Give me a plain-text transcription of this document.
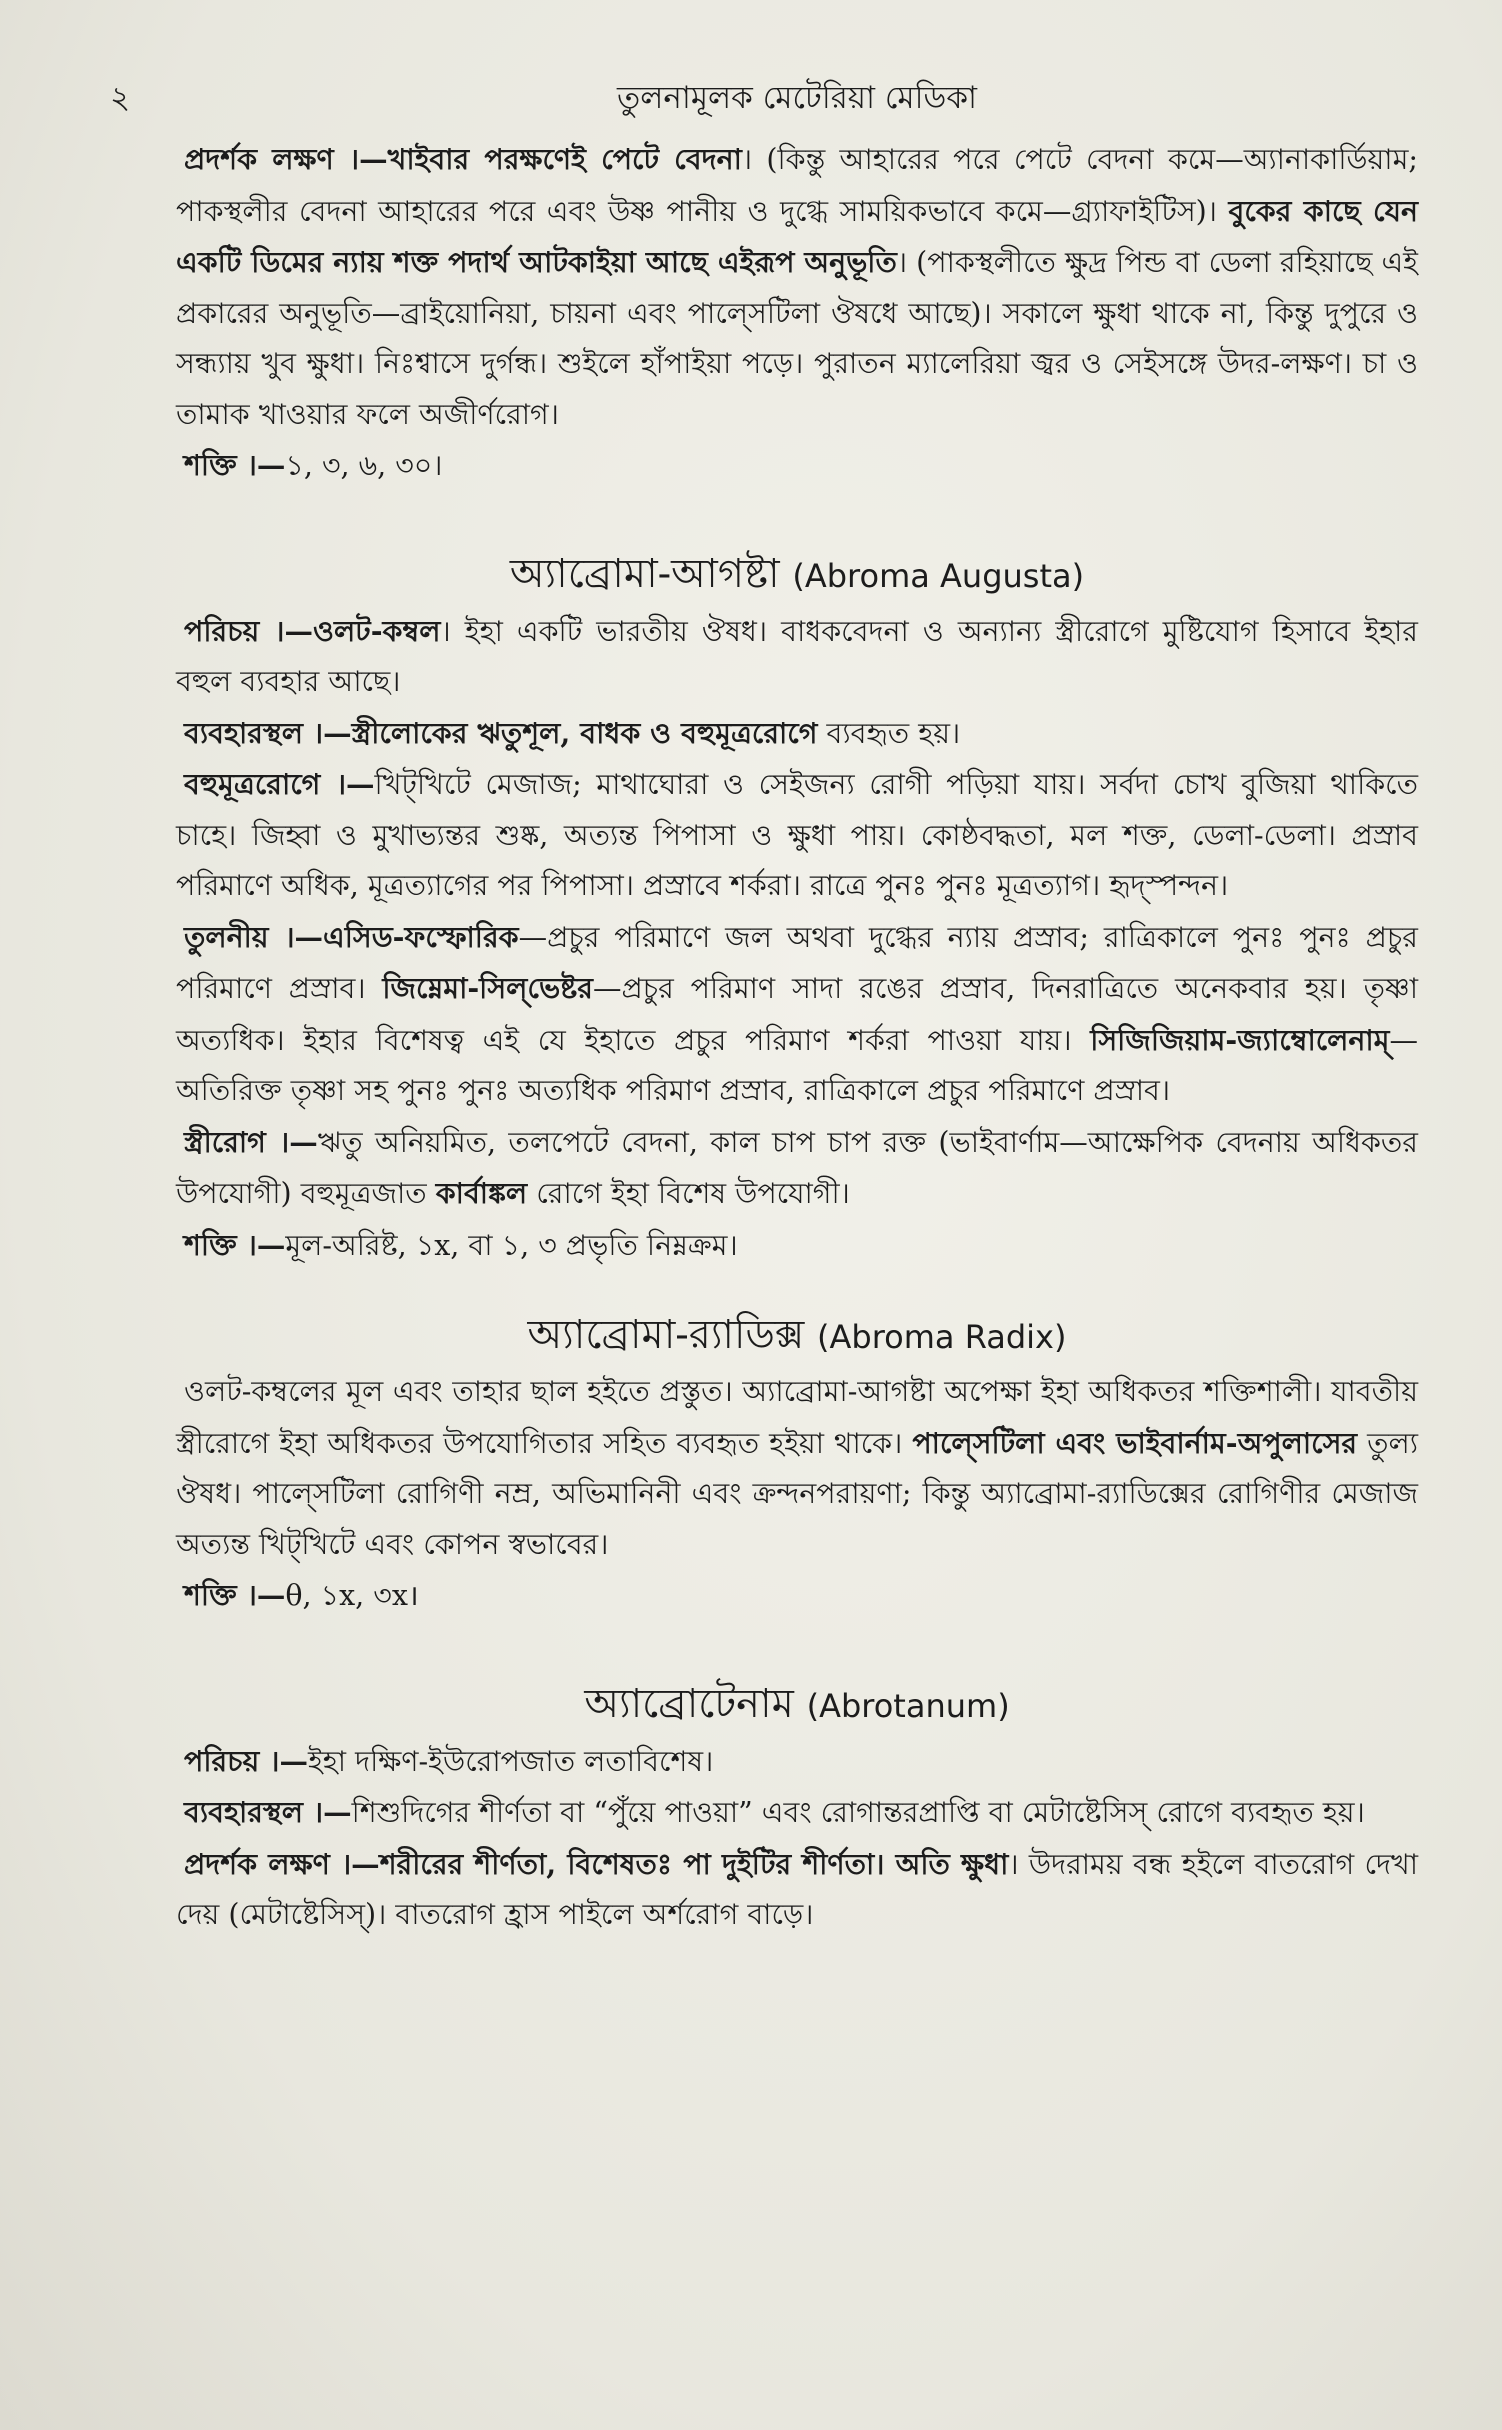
২	তুলনামূলক মেটেরিয়া মেডিকা

প্রদর্শক লক্ষণ ।—খাইবার পরক্ষণেই পেটে বেদনা। (কিন্তু আহারের পরে পেটে বেদনা কমে—অ্যানাকার্ডিয়াম; পাকস্থলীর বেদনা আহারের পরে এবং উষ্ণ পানীয় ও দুগ্ধে সাময়িকভাবে কমে—গ্র্যাফাইটিস)। বুকের কাছে যেন একটি ডিমের ন্যায় শক্ত পদার্থ আটকাইয়া আছে এইরূপ অনুভূতি। (পাকস্থলীতে ক্ষুদ্র পিন্ড বা ডেলা রহিয়াছে এই প্রকারের অনুভূতি—ব্রাইয়োনিয়া, চায়না এবং পাল্সেটিলা ঔষধে আছে)। সকালে ক্ষুধা থাকে না, কিন্তু দুপুরে ও সন্ধ্যায় খুব ক্ষুধা। নিঃশ্বাসে দুর্গন্ধ। শুইলে হাঁপাইয়া পড়ে। পুরাতন ম্যালেরিয়া জ্বর ও সেইসঙ্গে উদর-লক্ষণ। চা ও তামাক খাওয়ার ফলে অজীর্ণরোগ।

শক্তি ।—১, ৩, ৬, ৩০।

অ্যাব্রোমা-আগষ্টা (Abroma Augusta)

পরিচয় ।—ওলট-কম্বল। ইহা একটি ভারতীয় ঔষধ। বাধকবেদনা ও অন্যান্য স্ত্রীরোগে মুষ্টিযোগ হিসাবে ইহার বহুল ব্যবহার আছে।

ব্যবহারস্থল ।—স্ত্রীলোকের ঋতুশূল, বাধক ও বহুমূত্ররোগে ব্যবহৃত হয়।

বহুমূত্ররোগে ।—খিট্‌খিটে মেজাজ; মাথাঘোরা ও সেইজন্য রোগী পড়িয়া যায়। সর্বদা চোখ বুজিয়া থাকিতে চাহে। জিহ্বা ও মুখাভ্যন্তর শুষ্ক, অত্যন্ত পিপাসা ও ক্ষুধা পায়। কোষ্ঠবদ্ধতা, মল শক্ত, ডেলা-ডেলা। প্রস্রাব পরিমাণে অধিক, মূত্রত্যাগের পর পিপাসা। প্রস্রাবে শর্করা। রাত্রে পুনঃ পুনঃ মূত্রত্যাগ। হৃদ্‌স্পন্দন।

তুলনীয় ।—এসিড-ফস্ফোরিক—প্রচুর পরিমাণে জল অথবা দুগ্ধের ন্যায় প্রস্রাব; রাত্রিকালে পুনঃ পুনঃ প্রচুর পরিমাণে প্রস্রাব। জিম্নেমা-সিল্‌ভেষ্টর—প্রচুর পরিমাণ সাদা রঙের প্রস্রাব, দিনরাত্রিতে অনেকবার হয়। তৃষ্ণা অত্যধিক। ইহার বিশেষত্ব এই যে ইহাতে প্রচুর পরিমাণ শর্করা পাওয়া যায়। সিজিজিয়াম-জ্যাম্বোলেনাম্—অতিরিক্ত তৃষ্ণা সহ পুনঃ পুনঃ অত্যধিক পরিমাণ প্রস্রাব, রাত্রিকালে প্রচুর পরিমাণে প্রস্রাব।

স্ত্রীরোগ ।—ঋতু অনিয়মিত, তলপেটে বেদনা, কাল চাপ চাপ রক্ত (ভাইবার্ণাম—আক্ষেপিক বেদনায় অধিকতর উপযোগী) বহুমূত্রজাত কার্বাঙ্কল রোগে ইহা বিশেষ উপযোগী।

শক্তি ।—মূল-অরিষ্ট, ১x, বা ১, ৩ প্রভৃতি নিম্নক্রম।

অ্যাব্রোমা-র‍্যাডিক্স (Abroma Radix)

ওলট-কম্বলের মূল এবং তাহার ছাল হইতে প্রস্তুত। অ্যাব্রোমা-আগষ্টা অপেক্ষা ইহা অধিকতর শক্তিশালী। যাবতীয় স্ত্রীরোগে ইহা অধিকতর উপযোগিতার সহিত ব্যবহৃত হইয়া থাকে। পাল্সেটিলা এবং ভাইবার্নাম-অপুলাসের তুল্য ঔষধ। পাল্সেটিলা রোগিণী নম্র, অভিমানিনী এবং ক্রন্দনপরায়ণা; কিন্তু অ্যাব্রোমা-র‍্যাডিক্সের রোগিণীর মেজাজ অত্যন্ত খিট্‌খিটে এবং কোপন স্বভাবের।

শক্তি ।—θ, ১x, ৩x।

অ্যাব্রোটেনাম (Abrotanum)

পরিচয় ।—ইহা দক্ষিণ-ইউরোপজাত লতাবিশেষ।

ব্যবহারস্থল ।—শিশুদিগের শীর্ণতা বা “পুঁয়ে পাওয়া” এবং রোগান্তরপ্রাপ্তি বা মেটাষ্টেসিস্ রোগে ব্যবহৃত হয়।

প্রদর্শক লক্ষণ ।—শরীরের শীর্ণতা, বিশেষতঃ পা দুইটির শীর্ণতা। অতি ক্ষুধা। উদরাময় বন্ধ হইলে বাতরোগ দেখা দেয় (মেটাষ্টেসিস্)। বাতরোগ হ্রাস পাইলে অর্শরোগ বাড়ে।
